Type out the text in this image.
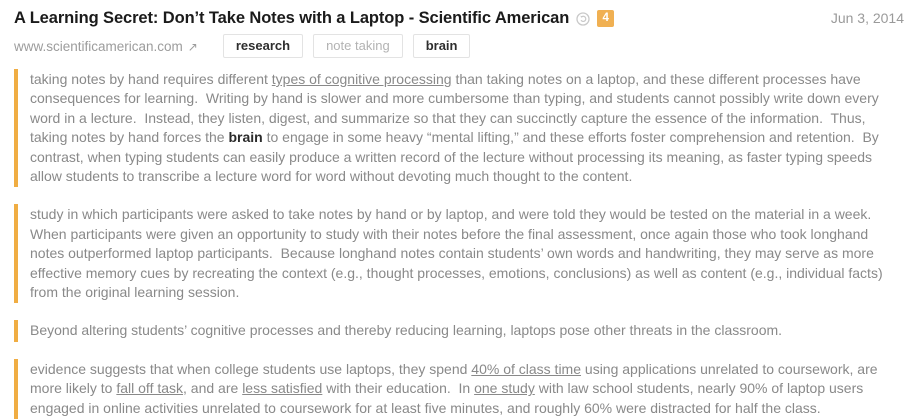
A Learning Secret: Don’t Take Notes with a Laptop - Scientific American	4	Jun 3, 2014
www.scientificamerican.com ↗	research	note taking	brain

taking notes by hand requires different types of cognitive processing than taking notes on a laptop, and these different processes have consequences for learning.  Writing by hand is slower and more cumbersome than typing, and students cannot possibly write down every word in a lecture.  Instead, they listen, digest, and summarize so that they can succinctly capture the essence of the information.  Thus, taking notes by hand forces the brain to engage in some heavy “mental lifting,” and these efforts foster comprehension and retention.  By contrast, when typing students can easily produce a written record of the lecture without processing its meaning, as faster typing speeds allow students to transcribe a lecture word for word without devoting much thought to the content.

study in which participants were asked to take notes by hand or by laptop, and were told they would be tested on the material in a week.  When participants were given an opportunity to study with their notes before the final assessment, once again those who took longhand notes outperformed laptop participants.  Because longhand notes contain students’ own words and handwriting, they may serve as more effective memory cues by recreating the context (e.g., thought processes, emotions, conclusions) as well as content (e.g., individual facts) from the original learning session.

Beyond altering students’ cognitive processes and thereby reducing learning, laptops pose other threats in the classroom.

evidence suggests that when college students use laptops, they spend 40% of class time using applications unrelated to coursework, are more likely to fall off task, and are less satisfied with their education.  In one study with law school students, nearly 90% of laptop users engaged in online activities unrelated to coursework for at least five minutes, and roughly 60% were distracted for half the class.
